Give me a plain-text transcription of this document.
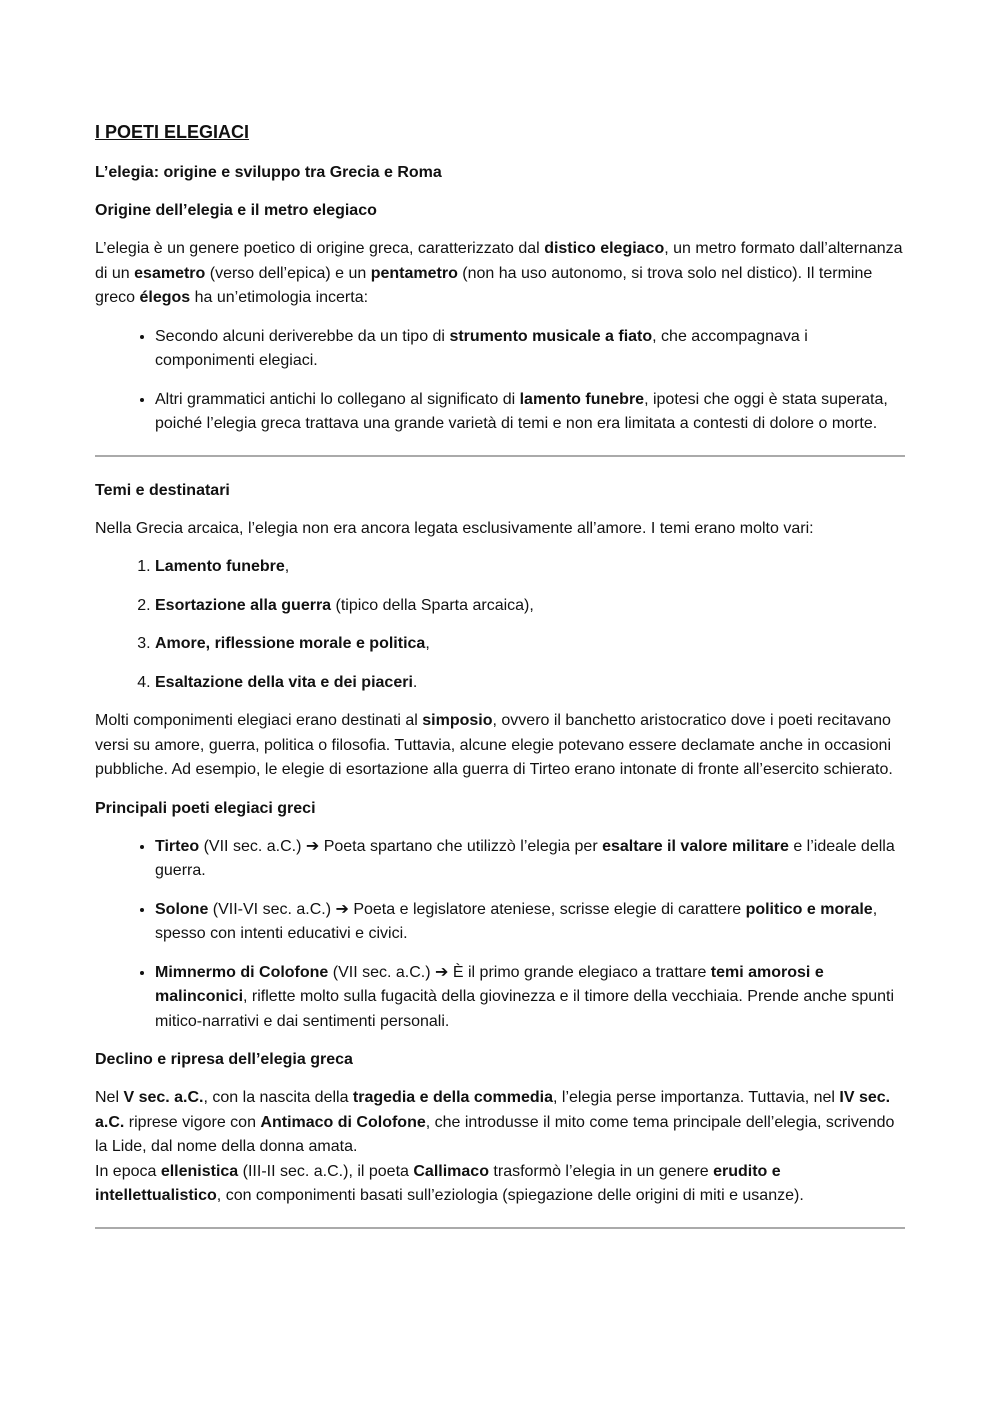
I POETI ELEGIACI
L’elegia: origine e sviluppo tra Grecia e Roma
Origine dell’elegia e il metro elegiaco

L’elegia è un genere poetico di origine greca, caratterizzato dal distico elegiaco, un metro formato dall’alternanza di un esametro (verso dell’epica) e un pentametro (non ha uso autonomo, si trova solo nel distico). Il termine greco élegos ha un’etimologia incerta:

• Secondo alcuni deriverebbe da un tipo di strumento musicale a fiato, che accompagnava i componimenti elegiaci.
• Altri grammatici antichi lo collegano al significato di lamento funebre, ipotesi che oggi è stata superata, poiché l’elegia greca trattava una grande varietà di temi e non era limitata a contesti di dolore o morte.
Temi e destinatari

Nella Grecia arcaica, l’elegia non era ancora legata esclusivamente all’amore. I temi erano molto vari:

1. Lamento funebre,
2. Esortazione alla guerra (tipico della Sparta arcaica),
3. Amore, riflessione morale e politica,
4. Esaltazione della vita e dei piaceri.

Molti componimenti elegiaci erano destinati al simposio, ovvero il banchetto aristocratico dove i poeti recitavano versi su amore, guerra, politica o filosofia. Tuttavia, alcune elegie potevano essere declamate anche in occasioni pubbliche. Ad esempio, le elegie di esortazione alla guerra di Tirteo erano intonate di fronte all’esercito schierato.

Principali poeti elegiaci greci
• Tirteo (VII sec. a.C.) ➔ Poeta spartano che utilizzò l’elegia per esaltare il valore militare e l’ideale della guerra.
• Solone (VII-VI sec. a.C.) ➔ Poeta e legislatore ateniese, scrisse elegie di carattere politico e morale, spesso con intenti educativi e civici.
• Mimnermo di Colofone (VII sec. a.C.) ➔ È il primo grande elegiaco a trattare temi amorosi e malinconici, riflette molto sulla fugacità della giovinezza e il timore della vecchiaia. Prende anche spunti mitico-narrativi e dai sentimenti personali.
Declino e ripresa dell’elegia greca

Nel V sec. a.C., con la nascita della tragedia e della commedia, l’elegia perse importanza. Tuttavia, nel IV sec. a.C. riprese vigore con Antimaco di Colofone, che introdusse il mito come tema principale dell’elegia, scrivendo la Lide, dal nome della donna amata.
In epoca ellenistica (III-II sec. a.C.), il poeta Callimaco trasformò l’elegia in un genere erudito e intellettualistico, con componimenti basati sull’eziologia (spiegazione delle origini di miti e usanze).
